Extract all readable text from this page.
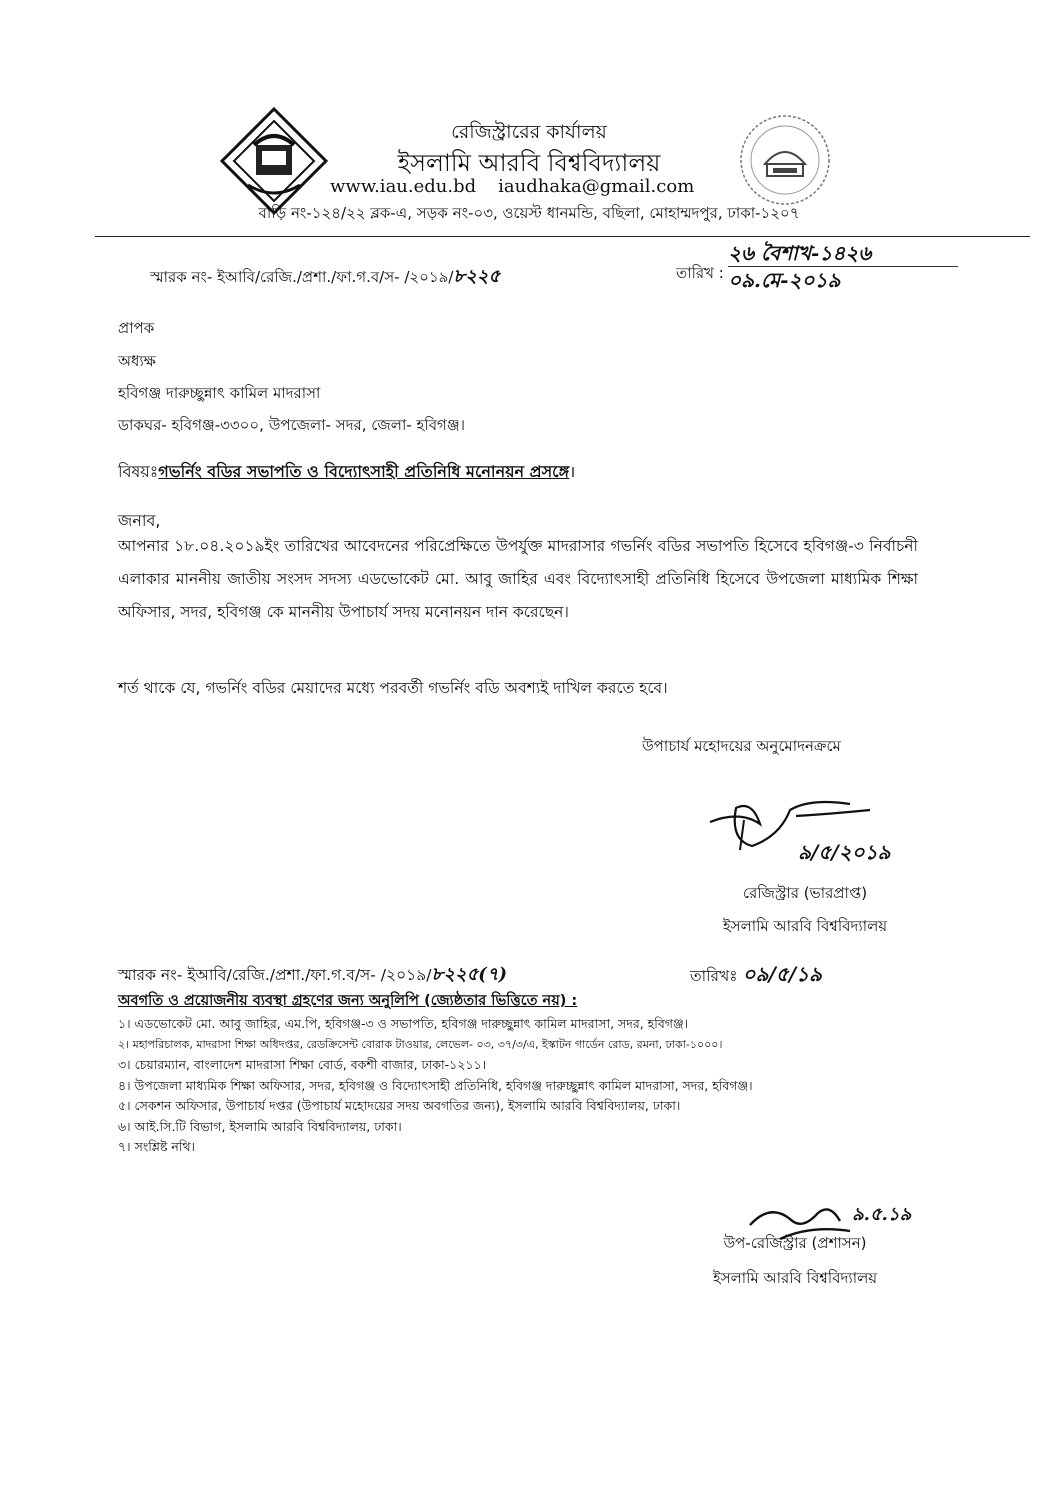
রেজিস্ট্রারের কার্যালয়
ইসলামি আরবি বিশ্ববিদ্যালয়
www.iau.edu.bd iaudhaka@gmail.com
বাড়ি নং-১২৪/২২ ব্লক-এ, সড়ক নং-০৩, ওয়েস্ট ধানমন্ডি, বছিলা, মোহাম্মদপুর, ঢাকা-১২০৭
স্মারক নং- ইআবি/রেজি./প্রশা./ফা.গ.ব/স- /২০১৯/৮২২৫	তারিখ :
২৬ বৈশাখ-১৪২৬
০৯.মে-২০১৯
প্রাপক
অধ্যক্ষ
হবিগঞ্জ দারুচ্ছুন্নাৎ কামিল মাদরাসা
ডাকঘর- হবিগঞ্জ-৩৩০০, উপজেলা- সদর, জেলা- হবিগঞ্জ।
বিষয়ঃগভর্নিং বডির সভাপতি ও বিদ্যোৎসাহী প্রতিনিধি মনোনয়ন প্রসঙ্গে।
জনাব,
আপনার ১৮.০৪.২০১৯ইং তারিখের আবেদনের পরিপ্রেক্ষিতে উপর্যুক্ত মাদরাসার গভর্নিং বডির সভাপতি হিসেবে হবিগঞ্জ-৩ নির্বাচনী এলাকার মাননীয় জাতীয় সংসদ সদস্য এডভোকেট মো. আবু জাহির এবং বিদ্যোৎসাহী প্রতিনিধি হিসেবে উপজেলা মাধ্যমিক শিক্ষা অফিসার, সদর, হবিগঞ্জ কে মাননীয় উপাচার্য সদয় মনোনয়ন দান করেছেন।
শর্ত থাকে যে, গভর্নিং বডির মেয়াদের মধ্যে পরবর্তী গভর্নিং বডি অবশ্যই দাখিল করতে হবে।
উপাচার্য মহোদয়ের অনুমোদনক্রমে
৯/৫/২০১৯
রেজিস্ট্রার (ভারপ্রাপ্ত)
ইসলামি আরবি বিশ্ববিদ্যালয়
স্মারক নং- ইআবি/রেজি./প্রশা./ফা.গ.ব/স- /২০১৯/৮২২৫(৭)	তারিখঃ ০৯/৫/১৯
অবগতি ও প্রয়োজনীয় ব্যবস্থা গ্রহণের জন্য অনুলিপি (জ্যেষ্ঠতার ভিত্তিতে নয়) :
১। এডভোকেট মো. আবু জাহির, এম.পি, হবিগঞ্জ-৩ ও সভাপতি, হবিগঞ্জ দারুচ্ছুন্নাৎ কামিল মাদরাসা, সদর, হবিগঞ্জ।
২। মহাপরিচালক, মাদরাসা শিক্ষা অধিদপ্তর, রেডক্রিসেন্ট বোরাক টাওয়ার, লেভেল- ০৩, ৩৭/৩/এ, ইস্কাটন গার্ডেন রোড, রমনা, ঢাকা-১০০০।
৩। চেয়ারম্যান, বাংলাদেশ মাদরাসা শিক্ষা বোর্ড, বকশী বাজার, ঢাকা-১২১১।
৪। উপজেলা মাধ্যমিক শিক্ষা অফিসার, সদর, হবিগঞ্জ ও বিদ্যোৎসাহী প্রতিনিধি, হবিগঞ্জ দারুচ্ছুন্নাৎ কামিল মাদরাসা, সদর, হবিগঞ্জ।
৫। সেকশন অফিসার, উপাচার্য দপ্তর (উপাচার্য মহোদয়ের সদয় অবগতির জন্য), ইসলামি আরবি বিশ্ববিদ্যালয়, ঢাকা।
৬। আই.সি.টি বিভাগ, ইসলামি আরবি বিশ্ববিদ্যালয়, ঢাকা।
৭। সংশ্লিষ্ট নথি।
৯.৫.১৯
উপ-রেজিস্ট্রার (প্রশাসন)
ইসলামি আরবি বিশ্ববিদ্যালয়
